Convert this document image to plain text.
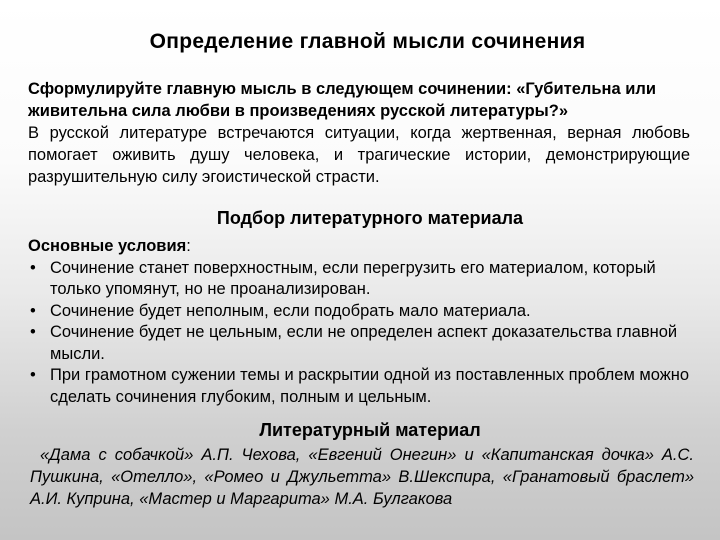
Определение главной мысли сочинения

Сформулируйте главную мысль в следующем сочинении: «Губительна или живительна сила любви в произведениях русской литературы?»

В русской литературе встречаются ситуации, когда жертвенная, верная любовь помогает оживить душу человека, и трагические истории, демонстрирующие разрушительную силу эгоистической страсти.

Подбор литературного материала

Основные условия:

• Сочинение станет поверхностным, если перегрузить его материалом, который только упомянут, но не проанализирован.
• Сочинение будет неполным, если подобрать мало материала.
• Сочинение будет не цельным, если не определен аспект доказательства главной мысли.
• При грамотном сужении темы и раскрытии одной из поставленных проблем можно сделать сочинения глубоким, полным и цельным.
Литературный материал
«Дама с собачкой» А.П. Чехова, «Евгений Онегин» и «Капитанская дочка» А.С. Пушкина, «Отелло», «Ромео и Джульетта» В.Шекспира, «Гранатовый браслет» А.И. Куприна, «Мастер и Маргарита» М.А. Булгакова
